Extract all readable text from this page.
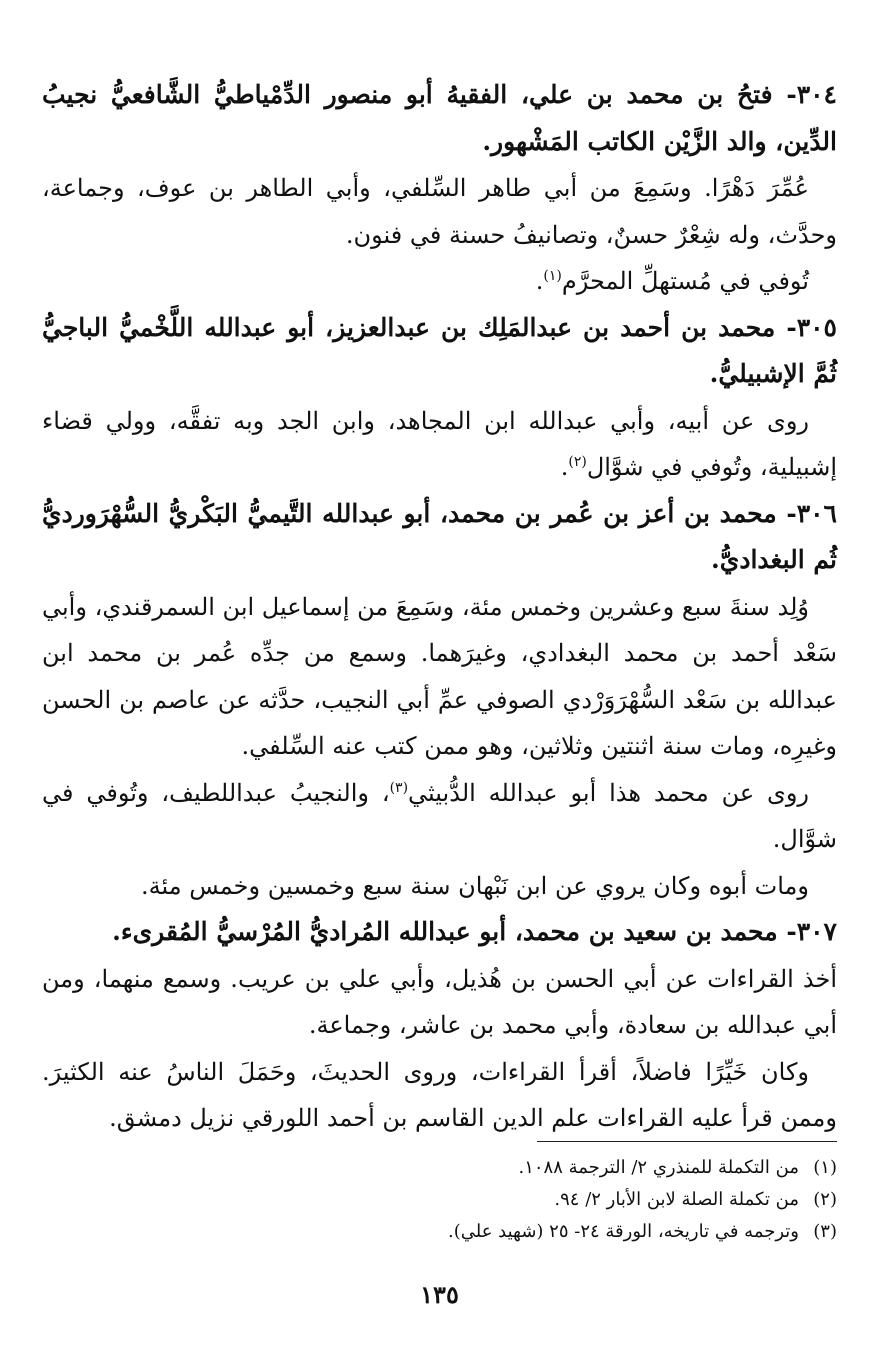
٣٠٤- فتحُ بن محمد بن علي، الفقيهُ أبو منصور الدِّمْياطيُّ الشَّافعيُّ نجيبُ الدِّين، والد الزَّيْن الكاتب المَشْهور.

عُمِّرَ دَهْرًا. وسَمِعَ من أبي طاهر السِّلفي، وأبي الطاهر بن عوف، وجماعة، وحدَّث، وله شِعْرٌ حسنٌ، وتصانيفُ حسنة في فنون.

تُوفي في مُستهلِّ المحرَّم$^{(١)}$.

٣٠٥- محمد بن أحمد بن عبدالمَلِك بن عبدالعزيز، أبو عبدالله اللَّخْميُّ الباجيُّ ثُمَّ الإشبيليُّ.

روى عن أبيه، وأبي عبدالله ابن المجاهد، وابن الجد وبه تفقَّه، وولي قضاء إشبيلية، وتُوفي في شوَّال$^{(٢)}$.

٣٠٦- محمد بن أعز بن عُمر بن محمد، أبو عبدالله التَّيميُّ البَكْريُّ السُّهْرَورديُّ ثُم البغداديُّ.

وُلِد سنةَ سبع وعشرين وخمس مئة، وسَمِعَ من إسماعيل ابن السمرقندي، وأبي سَعْد أحمد بن محمد البغدادي، وغيرَهما. وسمع من جدِّه عُمر بن محمد ابن عبدالله بن سَعْد السُّهْرَوَرْدي الصوفي عمِّ أبي النجيب، حدَّثه عن عاصم بن الحسن وغيرِه، ومات سنة اثنتين وثلاثين، وهو ممن كتب عنه السِّلفي.

روى عن محمد هذا أبو عبدالله الدُّبيثي$^{(٣)}$، والنجيبُ عبداللطيف، وتُوفي في شوَّال.

ومات أبوه وكان يروي عن ابن نَبْهان سنة سبع وخمسين وخمس مئة.

٣٠٧- محمد بن سعيد بن محمد، أبو عبدالله المُراديُّ المُرْسيُّ المُقرىء.

أخذ القراءات عن أبي الحسن بن هُذيل، وأبي علي بن عريب. وسمع منهما، ومن أبي عبدالله بن سعادة، وأبي محمد بن عاشر، وجماعة.

وكان خَيِّرًا فاضلاً، أقرأ القراءات، وروى الحديثَ، وحَمَلَ الناسُ عنه الكثيرَ. وممن قرأ عليه القراءات علم الدين القاسم بن أحمد اللورقي نزيل دمشق.

(١)من التكملة للمنذري ٢/ الترجمة ١٠٨٨.

(٢)من تكملة الصلة لابن الأبار ٢/ ٩٤.

(٣)وترجمه في تاريخه، الورقة ٢٤- ٢٥ (شهيد علي).

١٣٥
